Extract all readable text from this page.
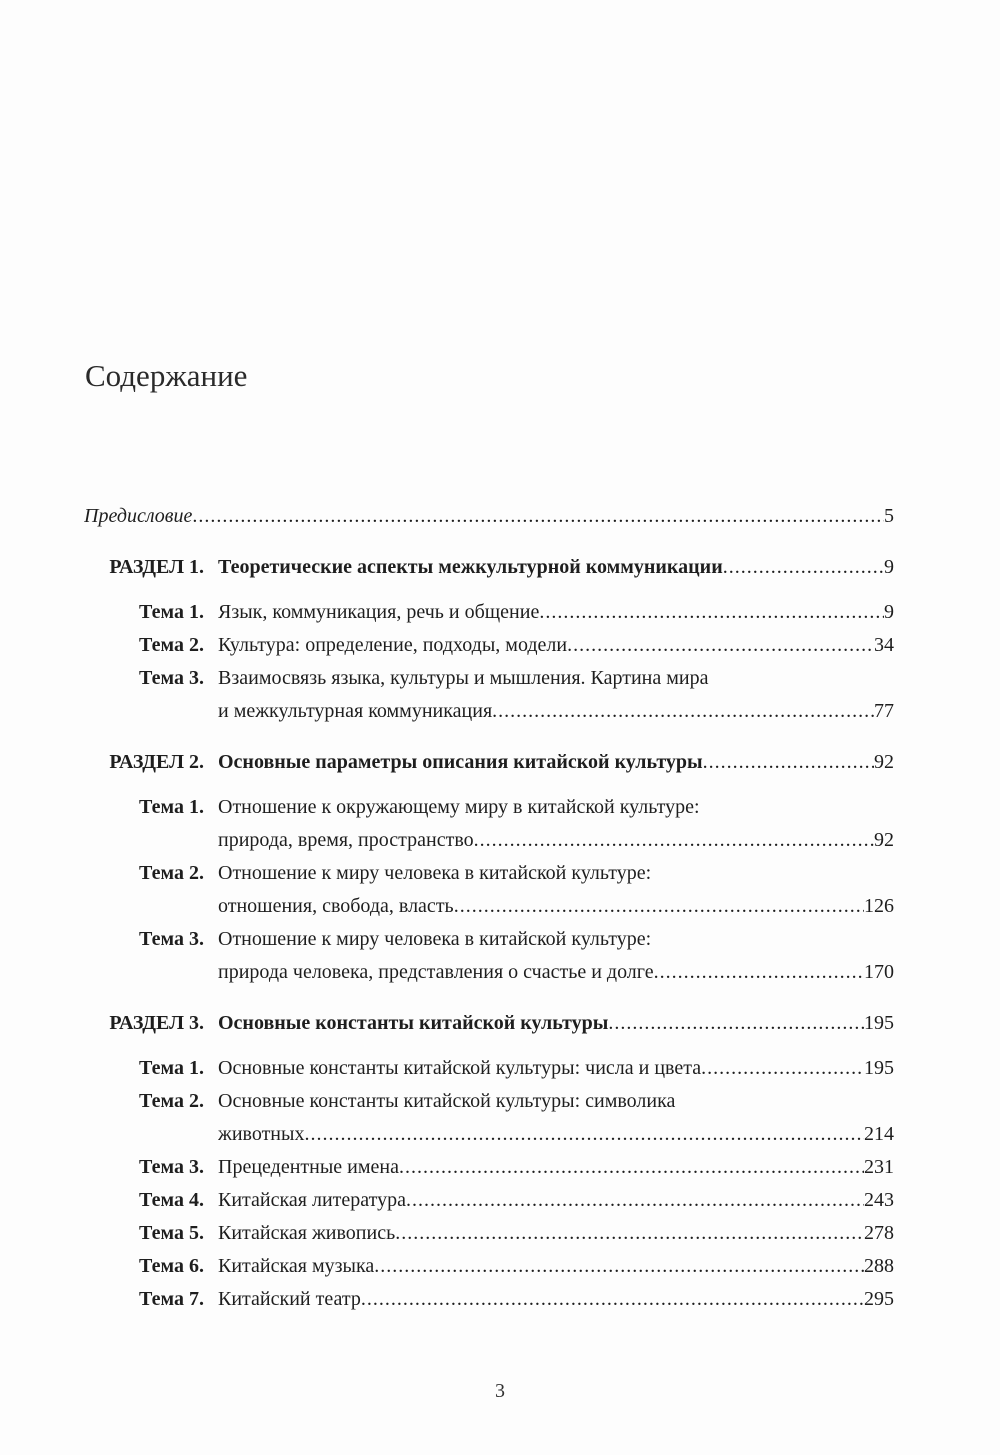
Содержание
Предисловие .....	5
РАЗДЕЛ 1. Теоретические аспекты межкультурной коммуникации .....	9
Тема 1. Язык, коммуникация, речь и общение .....	9
Тема 2. Культура: определение, подходы, модели .....	34
Тема 3. Взаимосвязь языка, культуры и мышления. Картина мира
и межкультурная коммуникация .....	77
РАЗДЕЛ 2. Основные параметры описания китайской культуры .....	92
Тема 1. Отношение к окружающему миру в китайской культуре:
природа, время, пространство .....	92
Тема 2. Отношение к миру человека в китайской культуре:
отношения, свобода, власть .....	126
Тема 3. Отношение к миру человека в китайской культуре:
природа человека, представления о счастье и долге .....	170
РАЗДЕЛ 3. Основные константы китайской культуры .....	195
Тема 1. Основные константы китайской культуры: числа и цвета .....	195
Тема 2. Основные константы китайской культуры: символика
животных .....	214
Тема 3. Прецедентные имена .....	231
Тема 4. Китайская литература .....	243
Тема 5. Китайская живопись .....	278
Тема 6. Китайская музыка .....	288
Тема 7. Китайский театр .....	295
3
